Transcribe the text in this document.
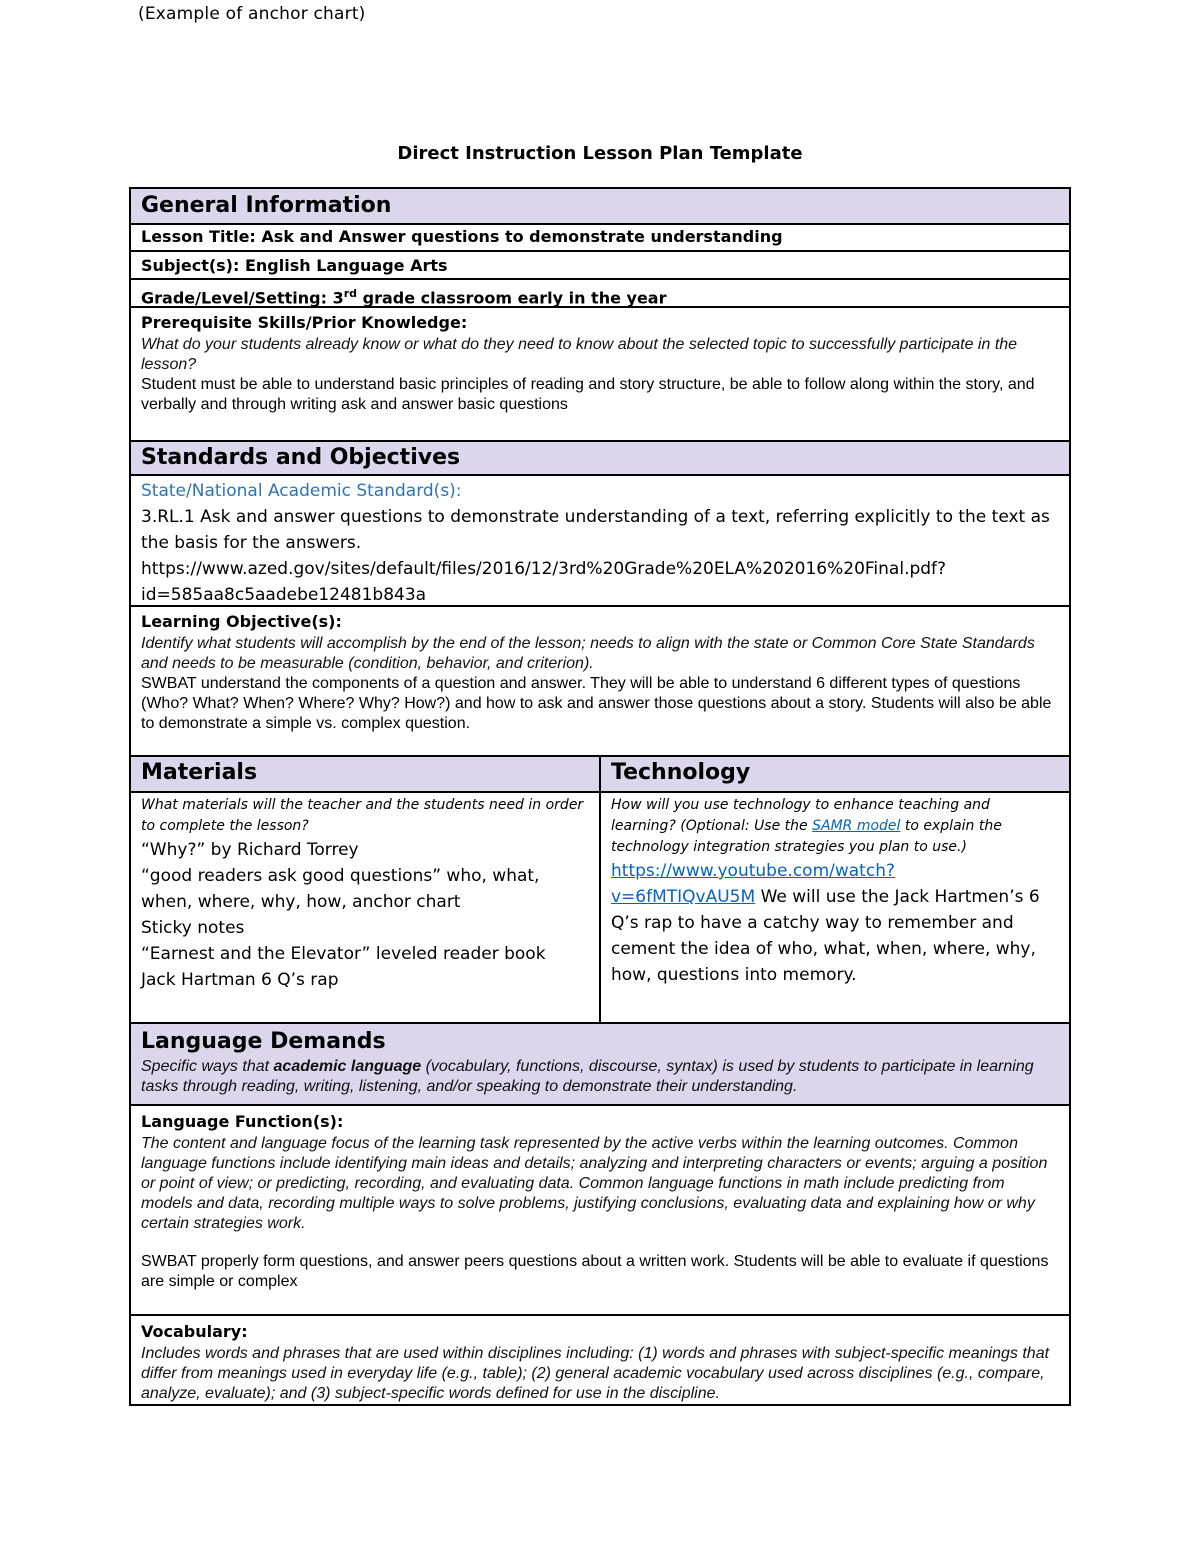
(Example of anchor chart)
Direct Instruction Lesson Plan Template
General Information
Lesson Title: Ask and Answer questions to demonstrate understanding
Subject(s): English Language Arts
Grade/Level/Setting: 3rd grade classroom early in the year
Prerequisite Skills/Prior Knowledge:
What do your students already know or what do they need to know about the selected topic to successfully participate in the lesson?
Student must be able to understand basic principles of reading and story structure, be able to follow along within the story, and verbally and through writing ask and answer basic questions
Standards and Objectives
State/National Academic Standard(s):
3.RL.1 Ask and answer questions to demonstrate understanding of a text, referring explicitly to the text as the basis for the answers.
https://www.azed.gov/sites/default/files/2016/12/3rd%20Grade%20ELA%202016%20Final.pdf?
id=585aa8c5aadebe12481b843a
Learning Objective(s):
Identify what students will accomplish by the end of the lesson; needs to align with the state or Common Core State Standards and needs to be measurable (condition, behavior, and criterion).
SWBAT understand the components of a question and answer. They will be able to understand 6 different types of questions (Who? What? When? Where? Why? How?) and how to ask and answer those questions about a story. Students will also be able to demonstrate a simple vs. complex question.
Materials	Technology
What materials will the teacher and the students need in order to complete the lesson?
“Why?” by Richard Torrey
“good readers ask good questions” who, what, when, where, why, how, anchor chart
Sticky notes
“Earnest and the Elevator” leveled reader book
Jack Hartman 6 Q’s rap
How will you use technology to enhance teaching and learning? (Optional: Use the SAMR model to explain the technology integration strategies you plan to use.)
https://www.youtube.com/watch?
v=6fMTIQvAU5M We will use the Jack Hartmen’s 6 Q’s rap to have a catchy way to remember and cement the idea of who, what, when, where, why, how, questions into memory.
Language Demands
Specific ways that academic language (vocabulary, functions, discourse, syntax) is used by students to participate in learning tasks through reading, writing, listening, and/or speaking to demonstrate their understanding.
Language Function(s):
The content and language focus of the learning task represented by the active verbs within the learning outcomes. Common language functions include identifying main ideas and details; analyzing and interpreting characters or events; arguing a position or point of view; or predicting, recording, and evaluating data. Common language functions in math include predicting from models and data, recording multiple ways to solve problems, justifying conclusions, evaluating data and explaining how or why certain strategies work.
SWBAT properly form questions, and answer peers questions about a written work. Students will be able to evaluate if questions are simple or complex
Vocabulary:
Includes words and phrases that are used within disciplines including: (1) words and phrases with subject-specific meanings that differ from meanings used in everyday life (e.g., table); (2) general academic vocabulary used across disciplines (e.g., compare, analyze, evaluate); and (3) subject-specific words defined for use in the discipline.
